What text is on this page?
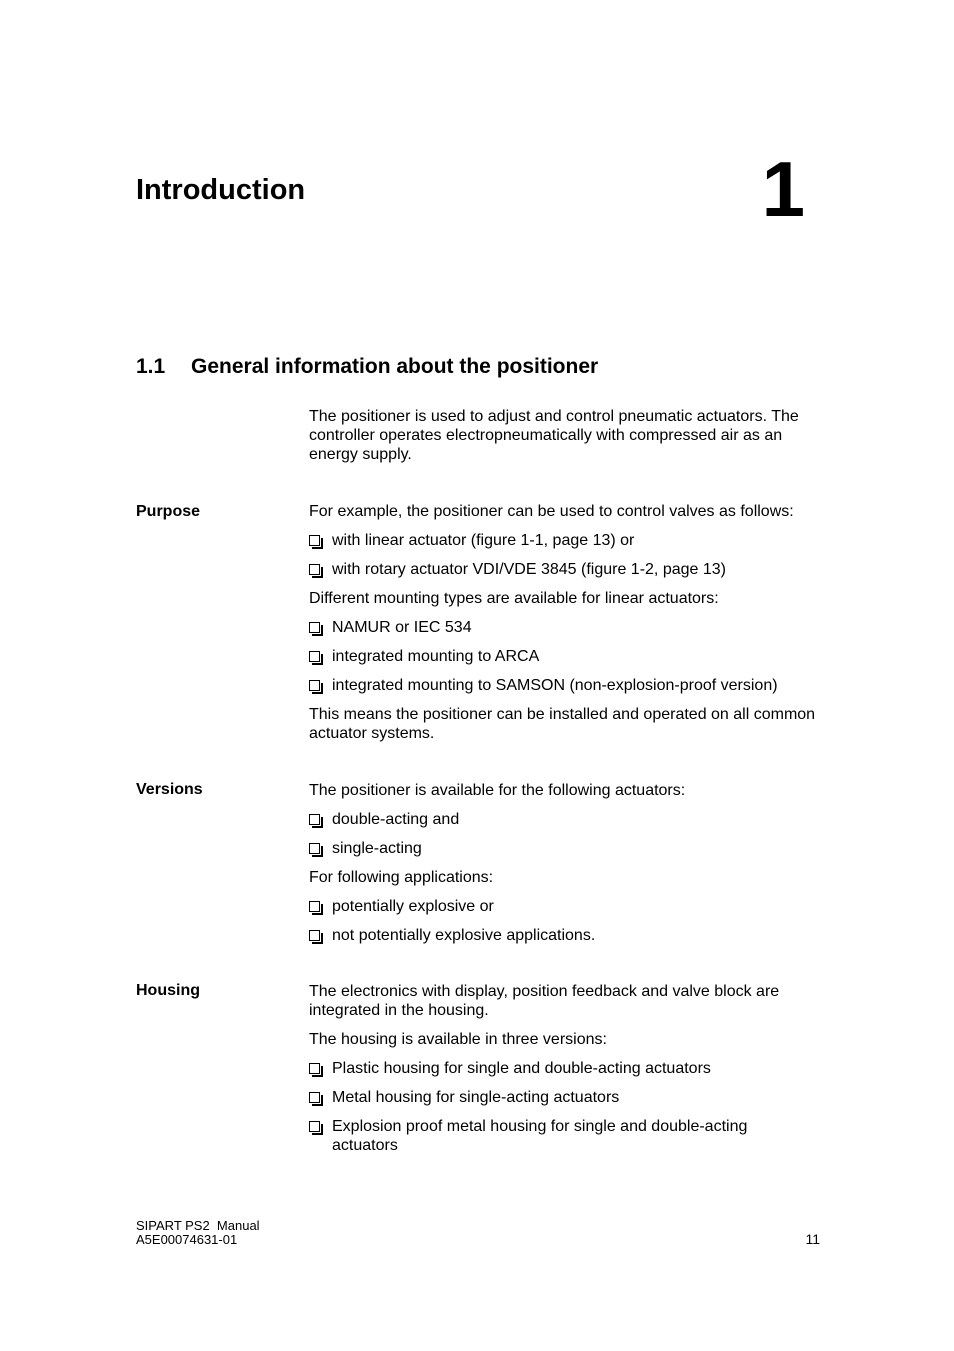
Introduction	1
1.1 General information about the positioner
The positioner is used to adjust and control pneumatic actuators. The controller operates electropneumatically with compressed air as an energy supply.
Purpose	For example, the positioner can be used to control valves as follows:

with linear actuator (figure 1-1, page 13) or
with rotary actuator VDI/VDE 3845 (figure 1-2, page 13)

Different mounting types are available for linear actuators:

NAMUR or IEC 534
integrated mounting to ARCA
integrated mounting to SAMSON (non-explosion-proof version)

This means the positioner can be installed and operated on all common actuator systems.

Versions	The positioner is available for the following actuators:

double-acting and
single-acting

For following applications:

potentially explosive or
not potentially explosive applications.
Housing	The electronics with display, position feedback and valve block are integrated in the housing.

The housing is available in three versions:

Plastic housing for single and double-acting actuators
Metal housing for single-acting actuators
Explosion proof metal housing for single and double-acting actuators
SIPART PS2  Manual
A5E00074631-01	11
